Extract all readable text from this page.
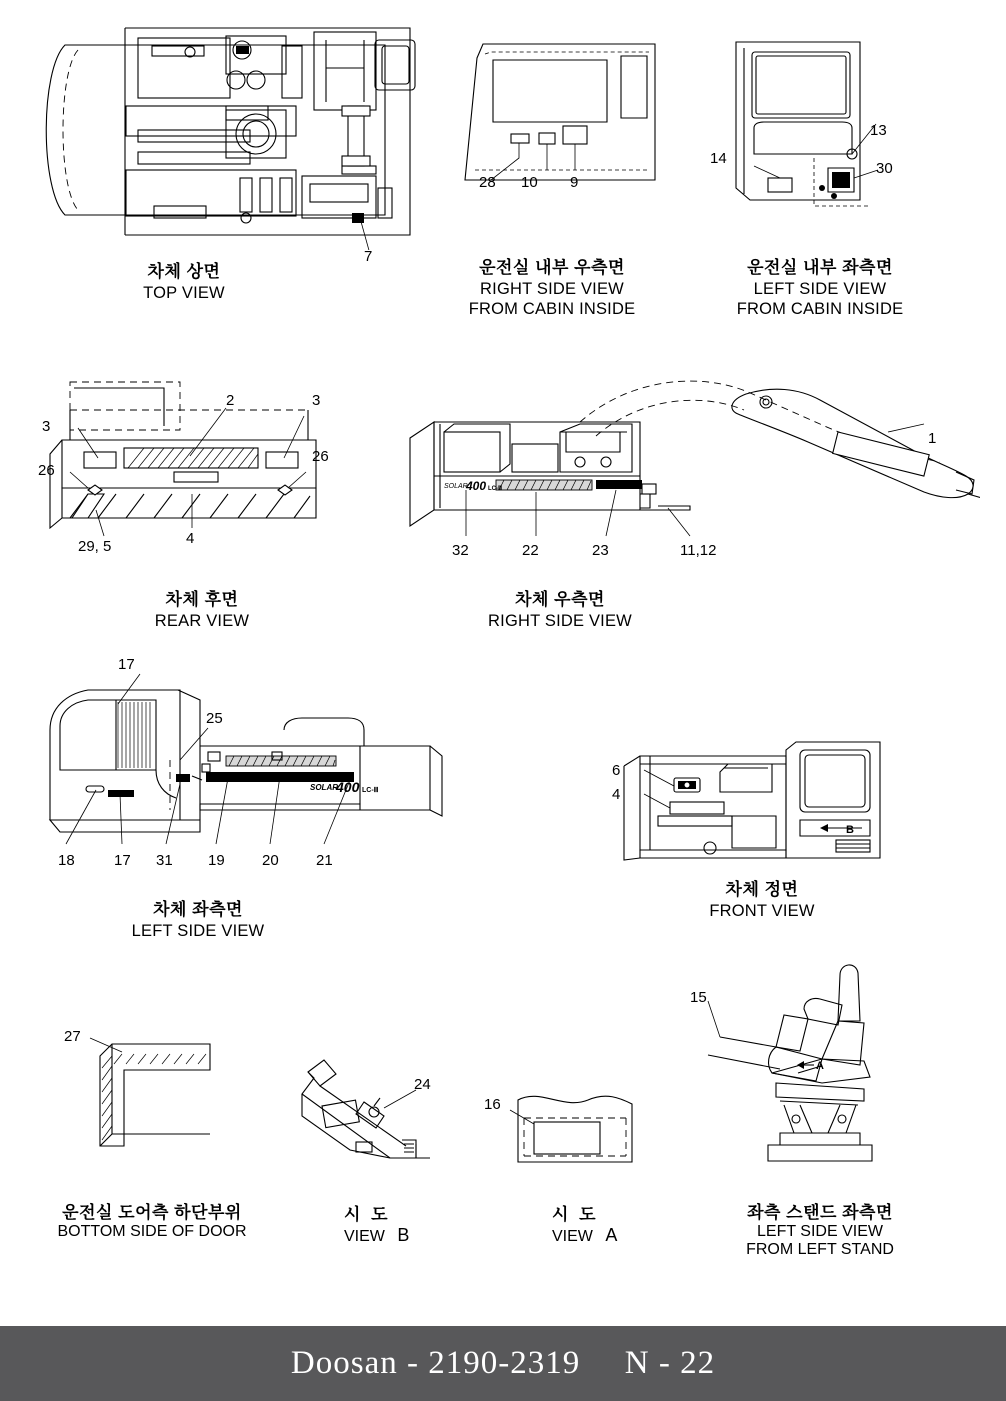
7
차체 상면
TOP VIEW
28 10 9
운전실 내부 우측면
RIGHT SIDE VIEW
FROM CABIN INSIDE
13
30
14
운전실 내부 좌측면
LEFT SIDE VIEW
FROM CABIN INSIDE
2	3
3
26
26
29, 5	4
차체 후면
REAR VIEW
SOLAR
400 LC-Ⅲ
1
32	22	23	11,12
차체 우측면
RIGHT SIDE VIEW
SOLAR
400 LC-Ⅲ
17
25
18	17 31 19 20 21
차체 좌측면
LEFT SIDE VIEW
B
6
4
차체 정면
FRONT VIEW
27
운전실 도어측 하단부위
BOTTOM SIDE OF DOOR
24
시 도
VIEW B
16
시 도
VIEW A
A
15
좌측 스탠드 좌측면
LEFT SIDE VIEW
FROM LEFT STAND
Doosan - 2190-2319 N - 22
